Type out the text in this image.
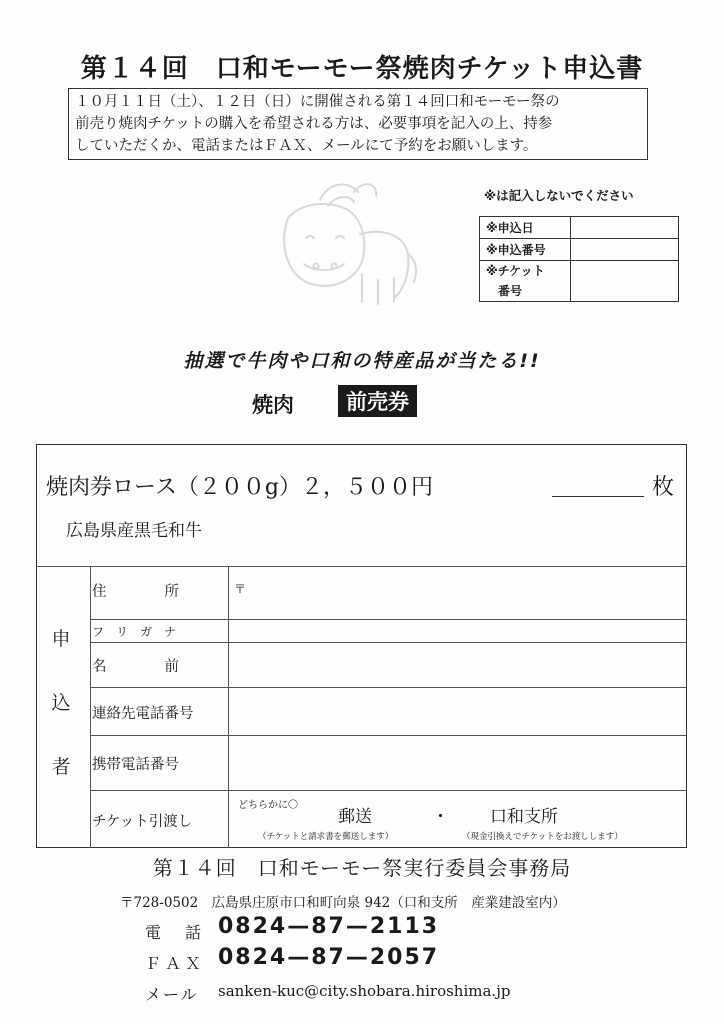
第１４回　口和モーモー祭焼肉チケット申込書
１０月１１日（土）、１２日（日）に開催される第１４回口和モーモー祭の
前売り焼肉チケットの購入を希望される方は、必要事項を記入の上、持参
していただくか、電話またはＦＡＸ、メールにて予約をお願いします。
※は記入しないでください
※申込日	
※申込番号	
※チケット
番号	
抽選で牛肉や口和の特産品が当たる!!
焼肉	前売券
焼肉券ロース（２００g）２，５００円	枚
広島県産黒毛和牛
申
込
者
住　　　　所	〒
フ　リ　ガ　ナ
名　　　　前
連絡先電話番号
携帯電話番号
チケット引渡し
どちらかに〇
郵送	・ 口和支所
（チケットと請求書を郵送します）	（現金引換えでチケットをお渡しします）
第１４回　口和モーモー祭実行委員会事務局
〒728-0502　広島県庄原市口和町向泉 942（口和支所　産業建設室内）
電　話 0824—87—2113
ＦＡＸ 0824—87—2057
メール sanken-kuc@city.shobara.hiroshima.jp
